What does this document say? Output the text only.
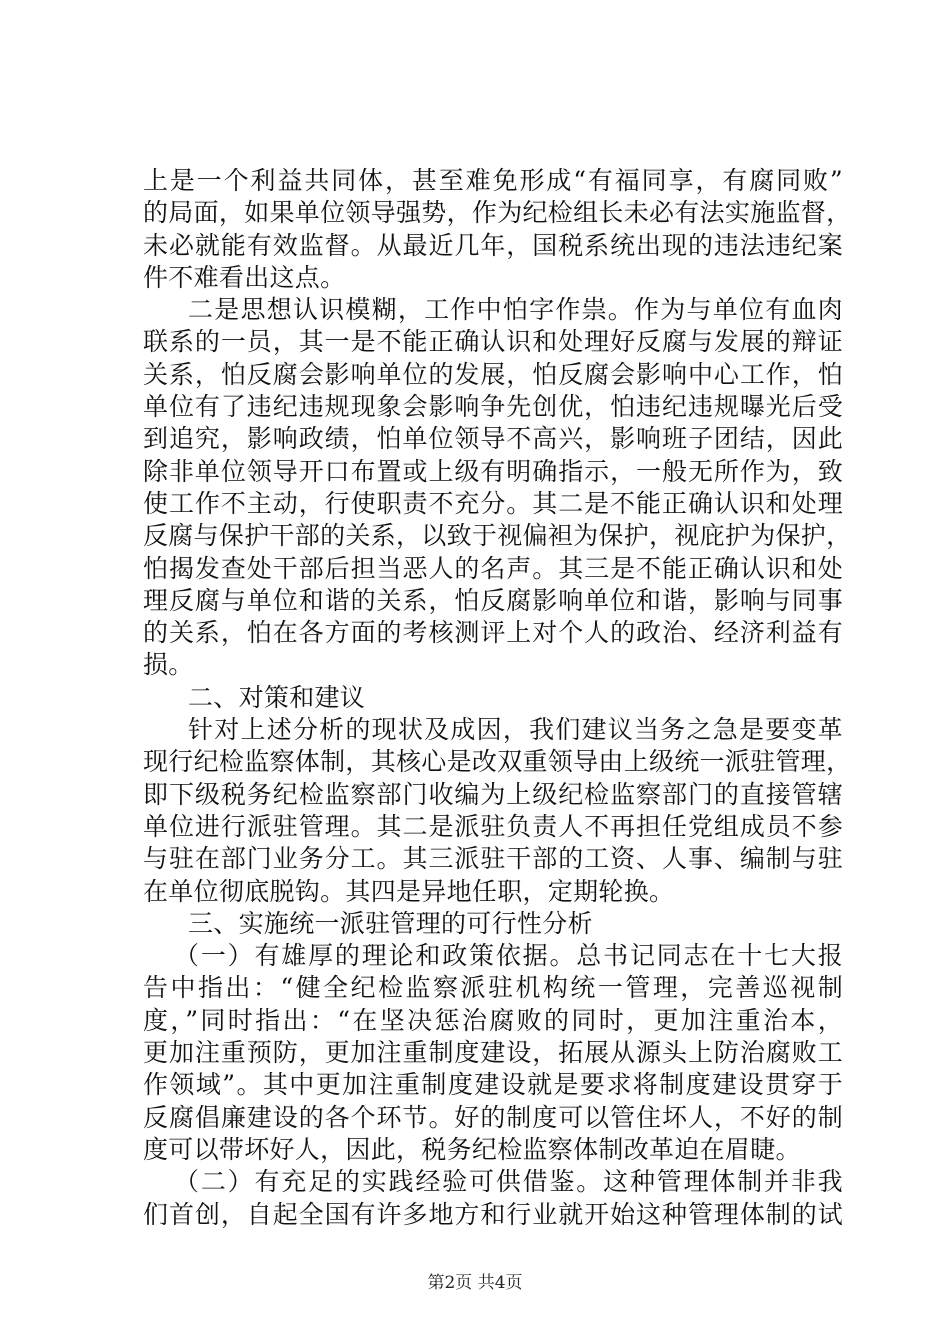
上是一个利益共同体，甚至难免形成“有福同享，有腐同败”
的局面，如果单位领导强势，作为纪检组长未必有法实施监督，
未必就能有效监督。从最近几年，国税系统出现的违法违纪案
件不难看出这点。
二是思想认识模糊，工作中怕字作祟。作为与单位有血肉
联系的一员，其一是不能正确认识和处理好反腐与发展的辩证
关系，怕反腐会影响单位的发展，怕反腐会影响中心工作，怕
单位有了违纪违规现象会影响争先创优，怕违纪违规曝光后受
到追究，影响政绩，怕单位领导不高兴，影响班子团结，因此
除非单位领导开口布置或上级有明确指示，一般无所作为，致
使工作不主动，行使职责不充分。其二是不能正确认识和处理
反腐与保护干部的关系，以致于视偏袒为保护，视庇护为保护，
怕揭发查处干部后担当恶人的名声。其三是不能正确认识和处
理反腐与单位和谐的关系，怕反腐影响单位和谐，影响与同事
的关系，怕在各方面的考核测评上对个人的政治、经济利益有
损。
二、对策和建议
针对上述分析的现状及成因，我们建议当务之急是要变革
现行纪检监察体制，其核心是改双重领导由上级统一派驻管理，
即下级税务纪检监察部门收编为上级纪检监察部门的直接管辖
单位进行派驻管理。其二是派驻负责人不再担任党组成员不参
与驻在部门业务分工。其三派驻干部的工资、人事、编制与驻
在单位彻底脱钩。其四是异地任职，定期轮换。
三、实施统一派驻管理的可行性分析
（一）有雄厚的理论和政策依据。总书记同志在十七大报
告中指出：“健全纪检监察派驻机构统一管理，完善巡视制
度，”同时指出：“在坚决惩治腐败的同时，更加注重治本，
更加注重预防，更加注重制度建设，拓展从源头上防治腐败工
作领域”。其中更加注重制度建设就是要求将制度建设贯穿于
反腐倡廉建设的各个环节。好的制度可以管住坏人，不好的制
度可以带坏好人，因此，税务纪检监察体制改革迫在眉睫。
（二）有充足的实践经验可供借鉴。这种管理体制并非我
们首创，自起全国有许多地方和行业就开始这种管理体制的试
第2页 共4页
